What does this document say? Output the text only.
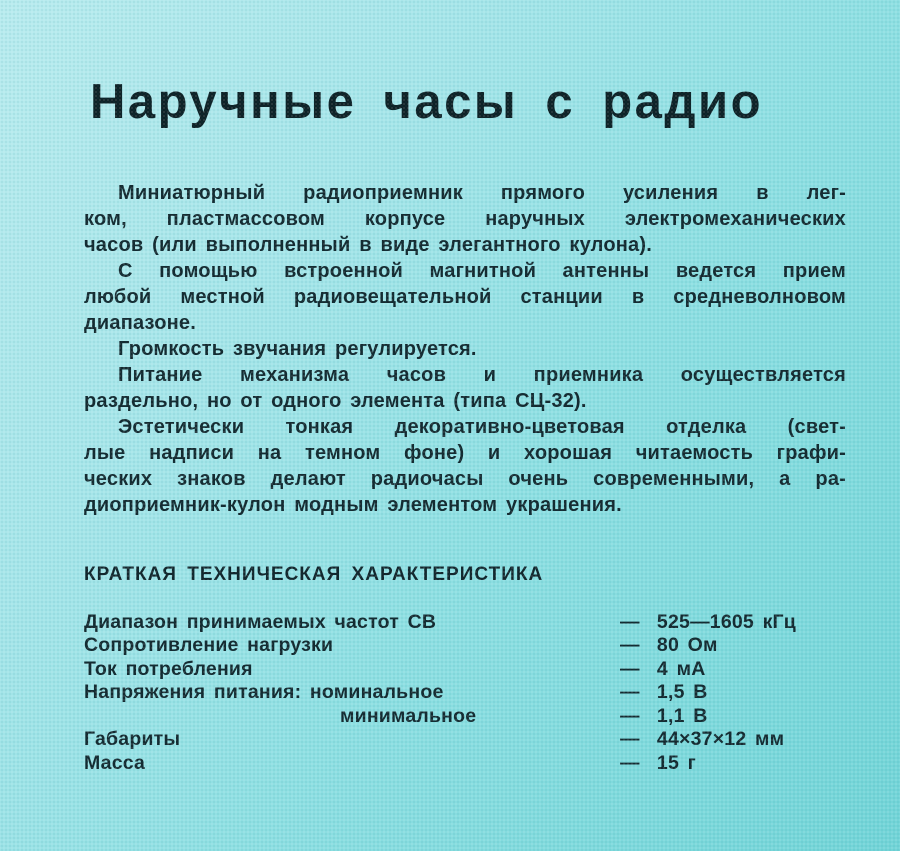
Наручные часы с радио

Миниатюрный радиоприемник прямого усиления в лег-
ком, пластмассовом корпусе наручных электромеханических
часов (или выполненный в виде элегантного кулона).

С помощью встроенной магнитной антенны ведется прием
любой местной радиовещательной станции в средневолновом
диапазоне.

Громкость звучания регулируется.

Питание механизма часов и приемника осуществляется
раздельно, но от одного элемента (типа СЦ-32).

Эстетически тонкая декоративно-цветовая отделка (свет-
лые надписи на темном фоне) и хорошая читаемость графи-
ческих знаков делают радиочасы очень современными, а ра-
диоприемник-кулон модным элементом украшения.

КРАТКАЯ ТЕХНИЧЕСКАЯ ХАРАКТЕРИСТИКА
Диапазон принимаемых частот СВ	—  525—1605 кГц
Сопротивление нагрузки	—  80 Ом
Ток потребления	—  4 мА
Напряжения питания: номинальное	—  1,5 В
минимальное	—  1,1 В
Габариты	—  44×37×12 мм
Масса	—  15 г
